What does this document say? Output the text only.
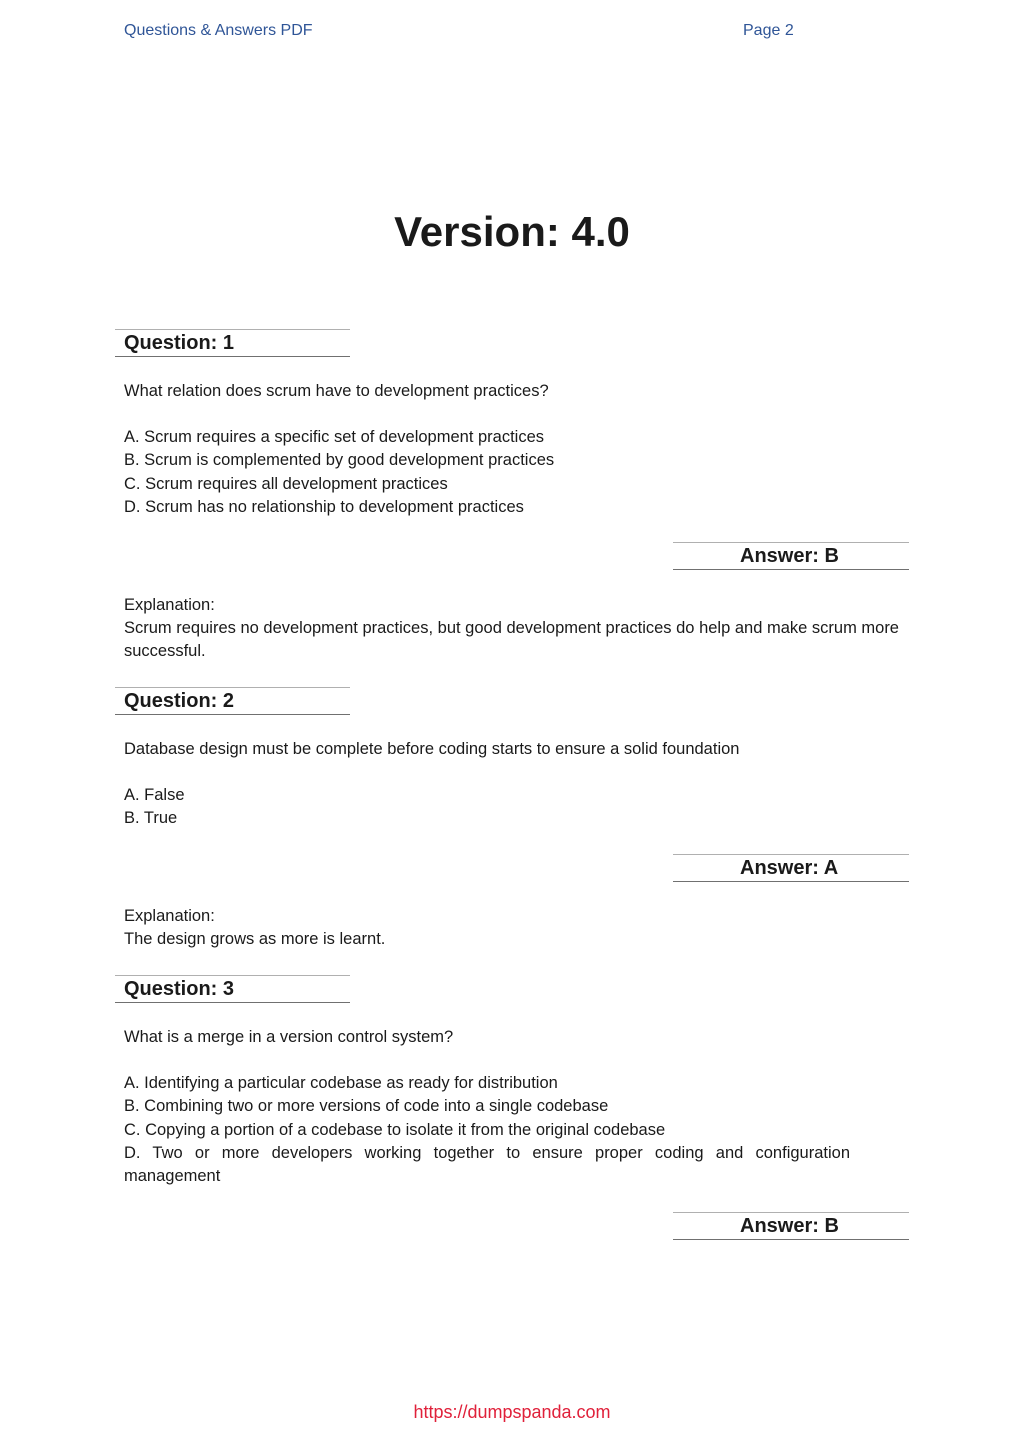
Questions & Answers PDF	Page 2
Version: 4.0
Question: 1

What relation does scrum have to development practices?

A. Scrum requires a specific set of development practices

B. Scrum is complemented by good development practices

C. Scrum requires all development practices

D. Scrum has no relationship to development practices

Answer: B

Explanation:

Scrum requires no development practices, but good development practices do help and make scrum more successful.

Question: 2

Database design must be complete before coding starts to ensure a solid foundation

A. False

B. True

Answer: A

Explanation:

The design grows as more is learnt.

Question: 3

What is a merge in a version control system?

A. Identifying a particular codebase as ready for distribution

B. Combining two or more versions of code into a single codebase

C. Copying a portion of a codebase to isolate it from the original codebase

D. Two or more developers working together to ensure proper coding and configuration management

Answer: B
https://dumpspanda.com
